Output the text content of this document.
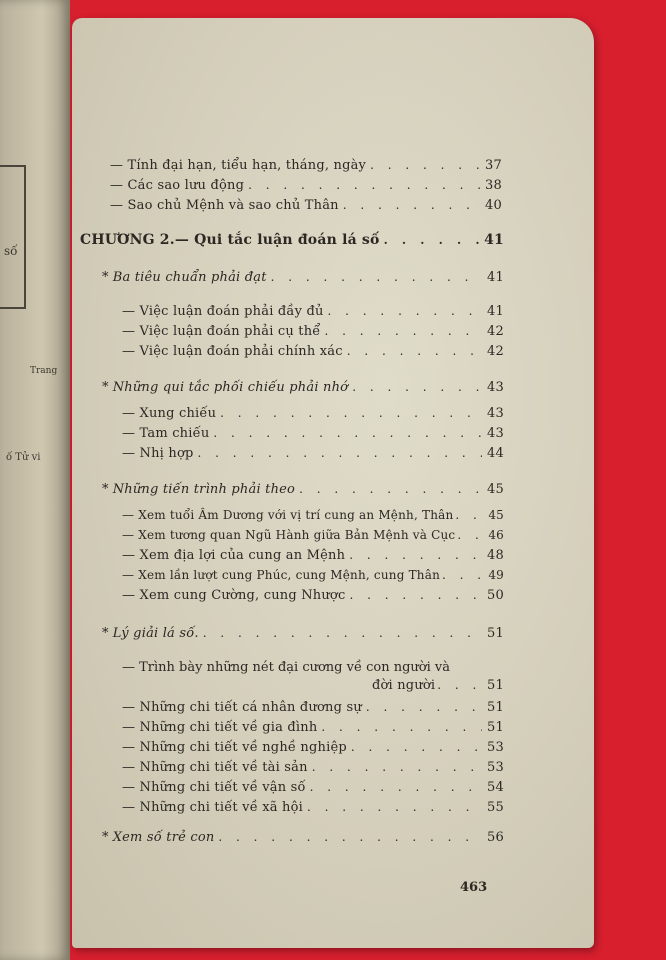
số
Trang
ố Tử vi
— Tính đại hạn, tiểu hạn, tháng, ngày . . .	37
— Các sao lưu động . . .	38
— Sao chủ Mệnh và sao chủ Thân . . .	40
CHƯƠNG 2.— Qui tắc luận đoán lá số . . .	41
* Ba tiêu chuẩn phải đạt . . .	41
— Việc luận đoán phải đầy đủ . . .	41
— Việc luận đoán phải cụ thể . . .	42
— Việc luận đoán phải chính xác . . .	42
* Những qui tắc phối chiếu phải nhớ . . .	43
— Xung chiếu . . .	43
— Tam chiếu . . .	43
— Nhị hợp . . .	44
* Những tiến trình phải theo . . .	45
— Xem tuổi Âm Dương với vị trí cung an Mệnh, Thân . . .	45
— Xem tương quan Ngũ Hành giữa Bản Mệnh và Cục . . .	46
— Xem địa lợi của cung an Mệnh . . .	48
— Xem lần lượt cung Phúc, cung Mệnh, cung Thân . . .	49
— Xem cung Cường, cung Nhược . . .	50
* Lý giải lá số. . . .	51
— Trình bày những nét đại cương về con người và
đời người . . .	51
— Những chi tiết cá nhân đương sự . . .	51
— Những chi tiết về gia đình . . .	51
— Những chi tiết về nghề nghiệp . . .	53
— Những chi tiết về tài sản . . .	53
— Những chi tiết về vận số . . .	54
— Những chi tiết về xã hội . . .	55
* Xem số trẻ con . . .	56
463
